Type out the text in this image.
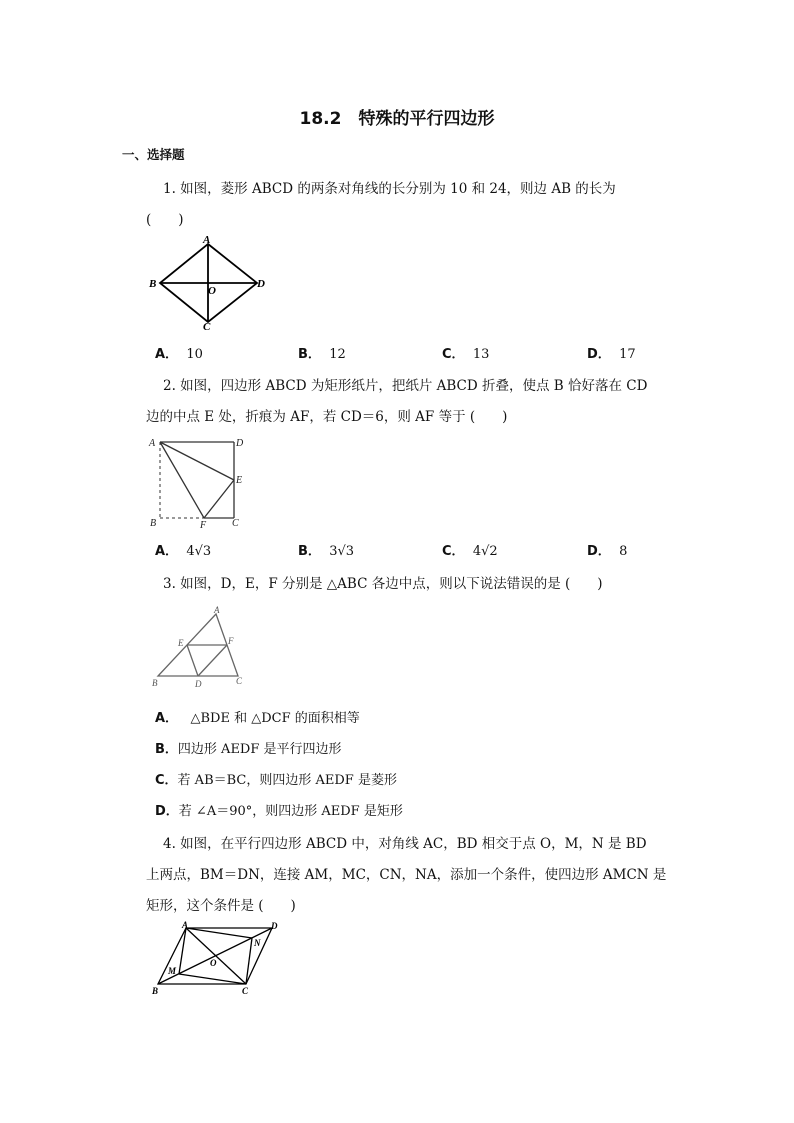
18.2　特殊的平行四边形
一、选择题
1. 如图，菱形 ABCD 的两条对角线的长分别为 10 和 24，则边 AB 的长为
(　　)
A
B
C
D
O
A． 10	B． 12	C． 13	D． 17
2. 如图，四边形 ABCD 为矩形纸片，把纸片 ABCD 折叠，使点 B 恰好落在 CD
边的中点 E 处，折痕为 AF，若 CD＝6，则 AF 等于 (　　)
A	D
E
B	F	C
A． 4√3	B． 3√3	C． 4√2	D． 8
3. 如图，D，E，F 分别是 △ABC 各边中点，则以下说法错误的是 (　　)
A
E	F
B	D	C
A． △BDE 和 △DCF 的面积相等
B．四边形 AEDF 是平行四边形
C．若 AB＝BC，则四边形 AEDF 是菱形
D．若 ∠A＝90°，则四边形 AEDF 是矩形
4. 如图，在平行四边形 ABCD 中，对角线 AC，BD 相交于点 O，M，N 是 BD
上两点，BM＝DN，连接 AM，MC，CN，NA，添加一个条件，使四边形 AMCN 是
矩形，这个条件是 (　　)
A	D
N
M
O
B	C
